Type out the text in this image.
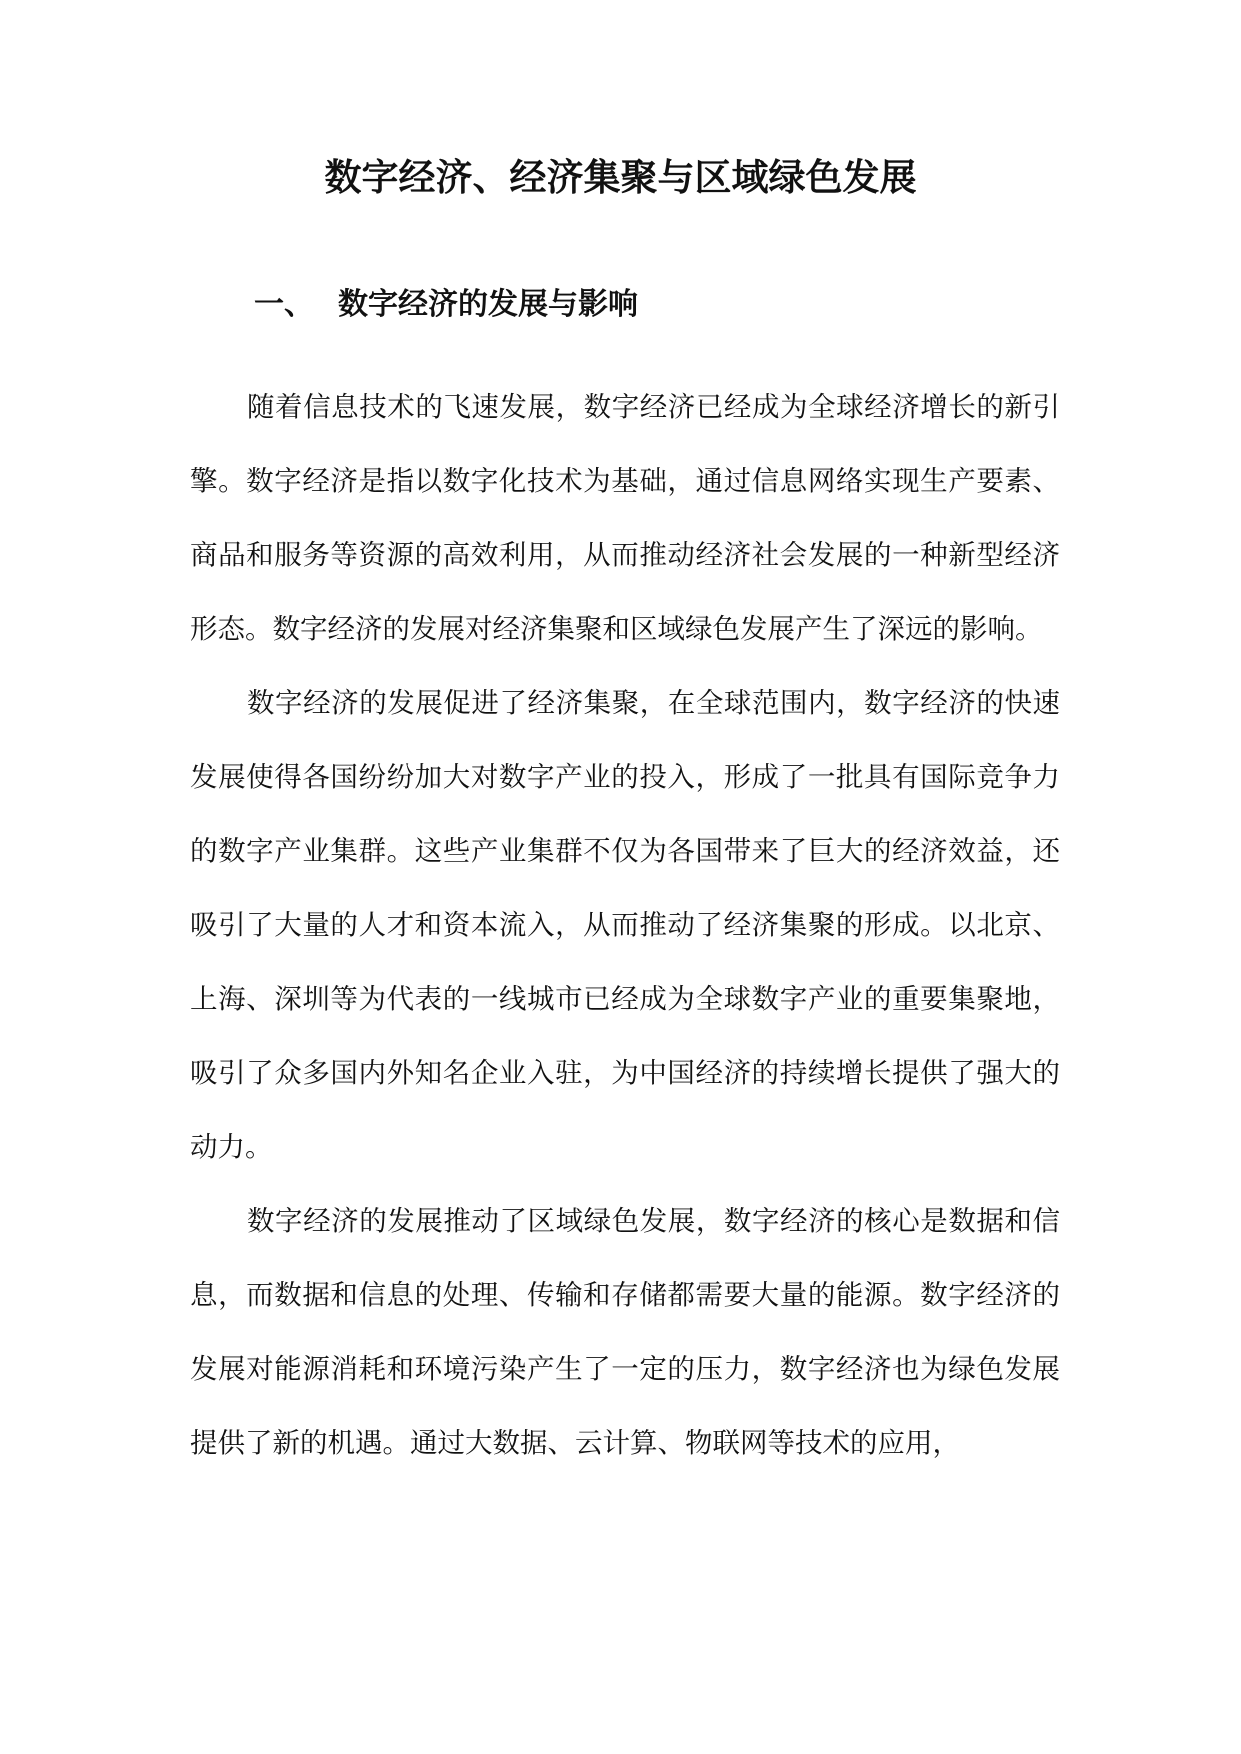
数字经济、经济集聚与区域绿色发展
一、 数字经济的发展与影响

随着信息技术的飞速发展，数字经济已经成为全球经济增长的新引擎。数字经济是指以数字化技术为基础，通过信息网络实现生产要素、商品和服务等资源的高效利用，从而推动经济社会发展的一种新型经济形态。数字经济的发展对经济集聚和区域绿色发展产生了深远的影响。

数字经济的发展促进了经济集聚，在全球范围内，数字经济的快速发展使得各国纷纷加大对数字产业的投入，形成了一批具有国际竞争力的数字产业集群。这些产业集群不仅为各国带来了巨大的经济效益，还吸引了大量的人才和资本流入，从而推动了经济集聚的形成。以北京、上海、深圳等为代表的一线城市已经成为全球数字产业的重要集聚地，吸引了众多国内外知名企业入驻，为中国经济的持续增长提供了强大的动力。

数字经济的发展推动了区域绿色发展，数字经济的核心是数据和信息，而数据和信息的处理、传输和存储都需要大量的能源。数字经济的发展对能源消耗和环境污染产生了一定的压力，数字经济也为绿色发展提供了新的机遇。通过大数据、云计算、物联网等技术的应用，
